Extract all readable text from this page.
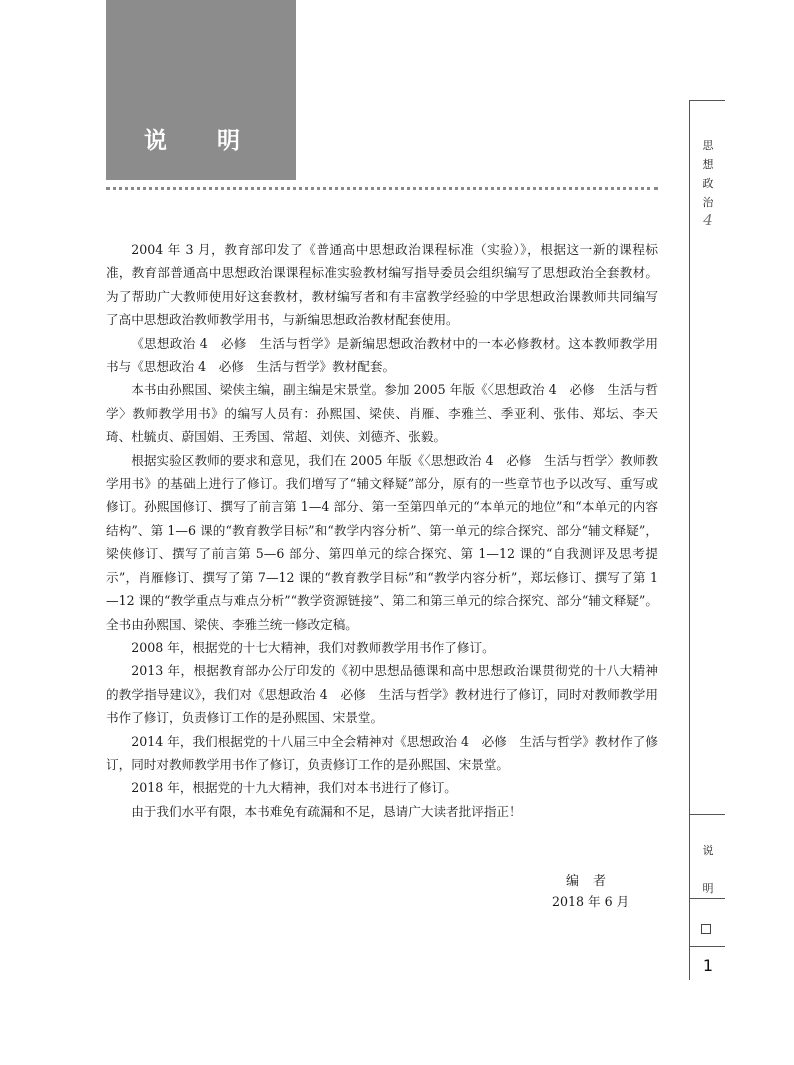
说明	思
想
政
治
4
说
明
1

2004 年 3 月，教育部印发了《普通高中思想政治课程标准（实验）》，根据这一新的课程标准，教育部普通高中思想政治课课程标准实验教材编写指导委员会组织编写了思想政治全套教材。为了帮助广大教师使用好这套教材，教材编写者和有丰富教学经验的中学思想政治课教师共同编写了高中思想政治教师教学用书，与新编思想政治教材配套使用。

《思想政治 4　必修　生活与哲学》是新编思想政治教材中的一本必修教材。这本教师教学用书与《思想政治 4　必修　生活与哲学》教材配套。

本书由孙熙国、梁侠主编，副主编是宋景堂。参加 2005 年版《〈思想政治 4　必修　生活与哲学〉教师教学用书》的编写人员有：孙熙国、梁侠、肖雁、李雅兰、季亚利、张伟、郑坛、李天琦、杜毓贞、蔚国娟、王秀国、常超、刘侠、刘德齐、张毅。

根据实验区教师的要求和意见，我们在 2005 年版《〈思想政治 4　必修　生活与哲学〉教师教学用书》的基础上进行了修订。我们增写了“辅文释疑”部分，原有的一些章节也予以改写、重写或修订。孙熙国修订、撰写了前言第 1—4 部分、第一至第四单元的“本单元的地位”和“本单元的内容结构”、第 1—6 课的“教育教学目标”和“教学内容分析”、第一单元的综合探究、部分“辅文释疑”，梁侠修订、撰写了前言第 5—6 部分、第四单元的综合探究、第 1—12 课的“自我测评及思考提示”，肖雁修订、撰写了第 7—12 课的“教育教学目标”和“教学内容分析”，郑坛修订、撰写了第 1—12 课的“教学重点与难点分析”“教学资源链接”、第二和第三单元的综合探究、部分“辅文释疑”。全书由孙熙国、梁侠、李雅兰统一修改定稿。

2008 年，根据党的十七大精神，我们对教师教学用书作了修订。

2013 年，根据教育部办公厅印发的《初中思想品德课和高中思想政治课贯彻党的十八大精神的教学指导建议》，我们对《思想政治 4　必修　生活与哲学》教材进行了修订，同时对教师教学用书作了修订，负责修订工作的是孙熙国、宋景堂。

2014 年，我们根据党的十八届三中全会精神对《思想政治 4　必修　生活与哲学》教材作了修订，同时对教师教学用书作了修订，负责修订工作的是孙熙国、宋景堂。

2018 年，根据党的十九大精神，我们对本书进行了修订。

由于我们水平有限，本书难免有疏漏和不足，恳请广大读者批评指正！

编者
2018 年 6 月
